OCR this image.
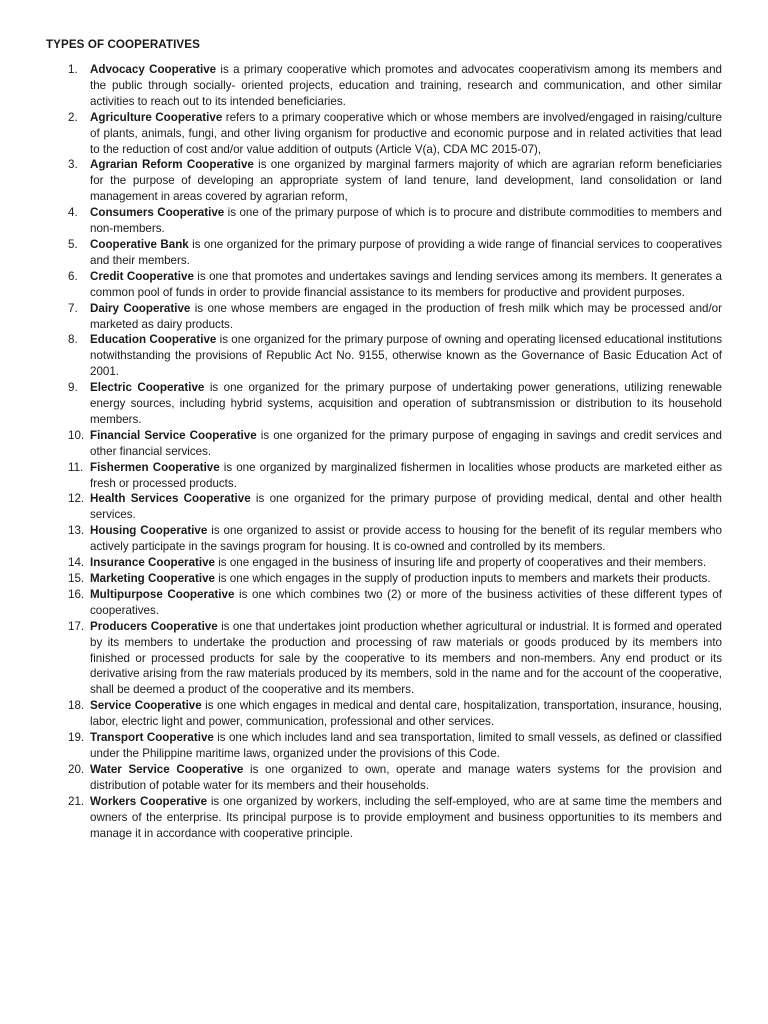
TYPES OF COOPERATIVES
1.	Advocacy Cooperative is a primary cooperative which promotes and advocates cooperativism among its members and the public through socially- oriented projects, education and training, research and communication, and other similar activities to reach out to its intended beneficiaries.
2.	Agriculture Cooperative refers to a primary cooperative which or whose members are involved/engaged in raising/culture of plants, animals, fungi, and other living organism for productive and economic purpose and in related activities that lead to the reduction of cost and/or value addition of outputs (Article V(a), CDA MC 2015-07),
3.	Agrarian Reform Cooperative is one organized by marginal farmers majority of which are agrarian reform beneficiaries for the purpose of developing an appropriate system of land tenure, land development, land consolidation or land management in areas covered by agrarian reform,
4.	Consumers Cooperative is one of the primary purpose of which is to procure and distribute commodities to members and non-members.
5.	Cooperative Bank is one organized for the primary purpose of providing a wide range of financial services to cooperatives and their members.
6.	Credit Cooperative is one that promotes and undertakes savings and lending services among its members. It generates a common pool of funds in order to provide financial assistance to its members for productive and provident purposes.
7.	Dairy Cooperative is one whose members are engaged in the production of fresh milk which may be processed and/or marketed as dairy products.
8.	Education Cooperative is one organized for the primary purpose of owning and operating licensed educational institutions notwithstanding the provisions of Republic Act No. 9155, otherwise known as the Governance of Basic Education Act of 2001.
9.	Electric Cooperative is one organized for the primary purpose of undertaking power generations, utilizing renewable energy sources, including hybrid systems, acquisition and operation of subtransmission or distribution to its household members.
10. Financial Service Cooperative is one organized for the primary purpose of engaging in savings and credit services and other financial services.
11. Fishermen Cooperative is one organized by marginalized fishermen in localities whose products are marketed either as fresh or processed products.
12. Health Services Cooperative is one organized for the primary purpose of providing medical, dental and other health services.
13. Housing Cooperative is one organized to assist or provide access to housing for the benefit of its regular members who actively participate in the savings program for housing. It is co-owned and controlled by its members.
14. Insurance Cooperative is one engaged in the business of insuring life and property of cooperatives and their members.
15. Marketing Cooperative is one which engages in the supply of production inputs to members and markets their products.
16. Multipurpose Cooperative is one which combines two (2) or more of the business activities of these different types of cooperatives.
17. Producers Cooperative is one that undertakes joint production whether agricultural or industrial. It is formed and operated by its members to undertake the production and processing of raw materials or goods produced by its members into finished or processed products for sale by the cooperative to its members and non-members. Any end product or its derivative arising from the raw materials produced by its members, sold in the name and for the account of the cooperative, shall be deemed a product of the cooperative and its members.
18. Service Cooperative is one which engages in medical and dental care, hospitalization, transportation, insurance, housing, labor, electric light and power, communication, professional and other services.
19. Transport Cooperative is one which includes land and sea transportation, limited to small vessels, as defined or classified under the Philippine maritime laws, organized under the provisions of this Code.
20. Water Service Cooperative is one organized to own, operate and manage waters systems for the provision and distribution of potable water for its members and their households.
21. Workers Cooperative is one organized by workers, including the self-employed, who are at same time the members and owners of the enterprise. Its principal purpose is to provide employment and business opportunities to its members and manage it in accordance with cooperative principle.
